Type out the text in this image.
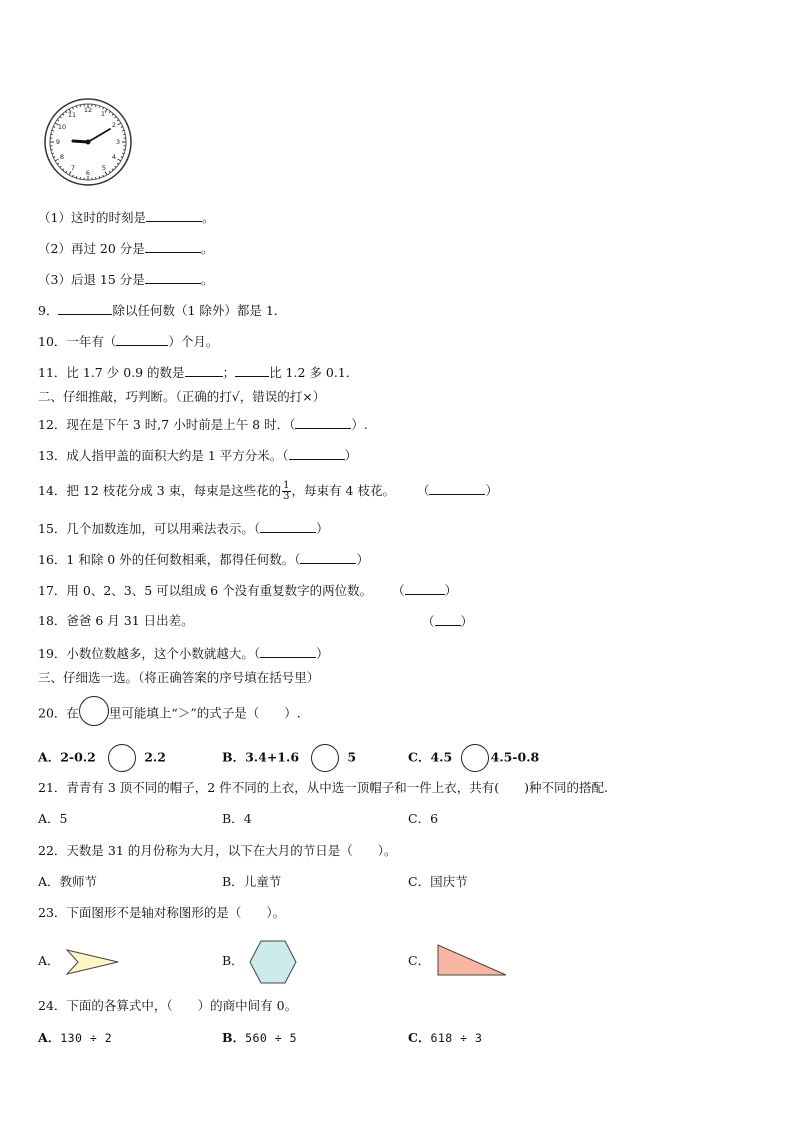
12 1
2
3
4
5
6
7
8
9
10
11
（1）这时的时刻是	。
（2）再过 20 分是	。
（3）后退 15 分是	。
9．	除以任何数（1 除外）都是 1．
10．一年有（	）个月。
11．比 1.7 少 0.9 的数是	；	比 1.2 多 0.1．
二、仔细推敲，巧判断。（正确的打√，错误的打×）
12．现在是下午 3 时,7 小时前是上午 8 时．（	）.
13．成人指甲盖的面积大约是 1 平方分米。（	）
14．把 12 枝花分成 3 束，每束是这些花的 $\frac{1}{3}$ ，每束有 4 枝花。 （	）
15．几个加数连加，可以用乘法表示。（	）
16．1 和除 0 外的任何数相乘，都得任何数。（	）
17．用 0、2、3、5 可以组成 6 个没有重复数字的两位数。 （	）
18．爸爸 6 月 31 日出差。	（ ）
19．小数位数越多，这个小数就越大。（	）
三、仔细选一选。（将正确答案的序号填在括号里）
20．在 里可能填上“＞”的式子是（　　）.
A．2-0.2	2.2	B．3.4+1.6	5	C．4.5	4.5-0.8
21．青青有 3 顶不同的帽子，2 件不同的上衣，从中选一顶帽子和一件上衣，共有(　　)种不同的搭配.
A．5	B．4	C．6
22．天数是 31 的月份称为大月，以下在大月的节日是（　　）。
A．教师节	B．儿童节	C．国庆节
23．下面图形不是轴对称图形的是（　　）。
A．	B．	C．
24．下面的各算式中，（　　）的商中间有 0。
A．130 ÷ 2	B．560 ÷ 5	C．618 ÷ 3
